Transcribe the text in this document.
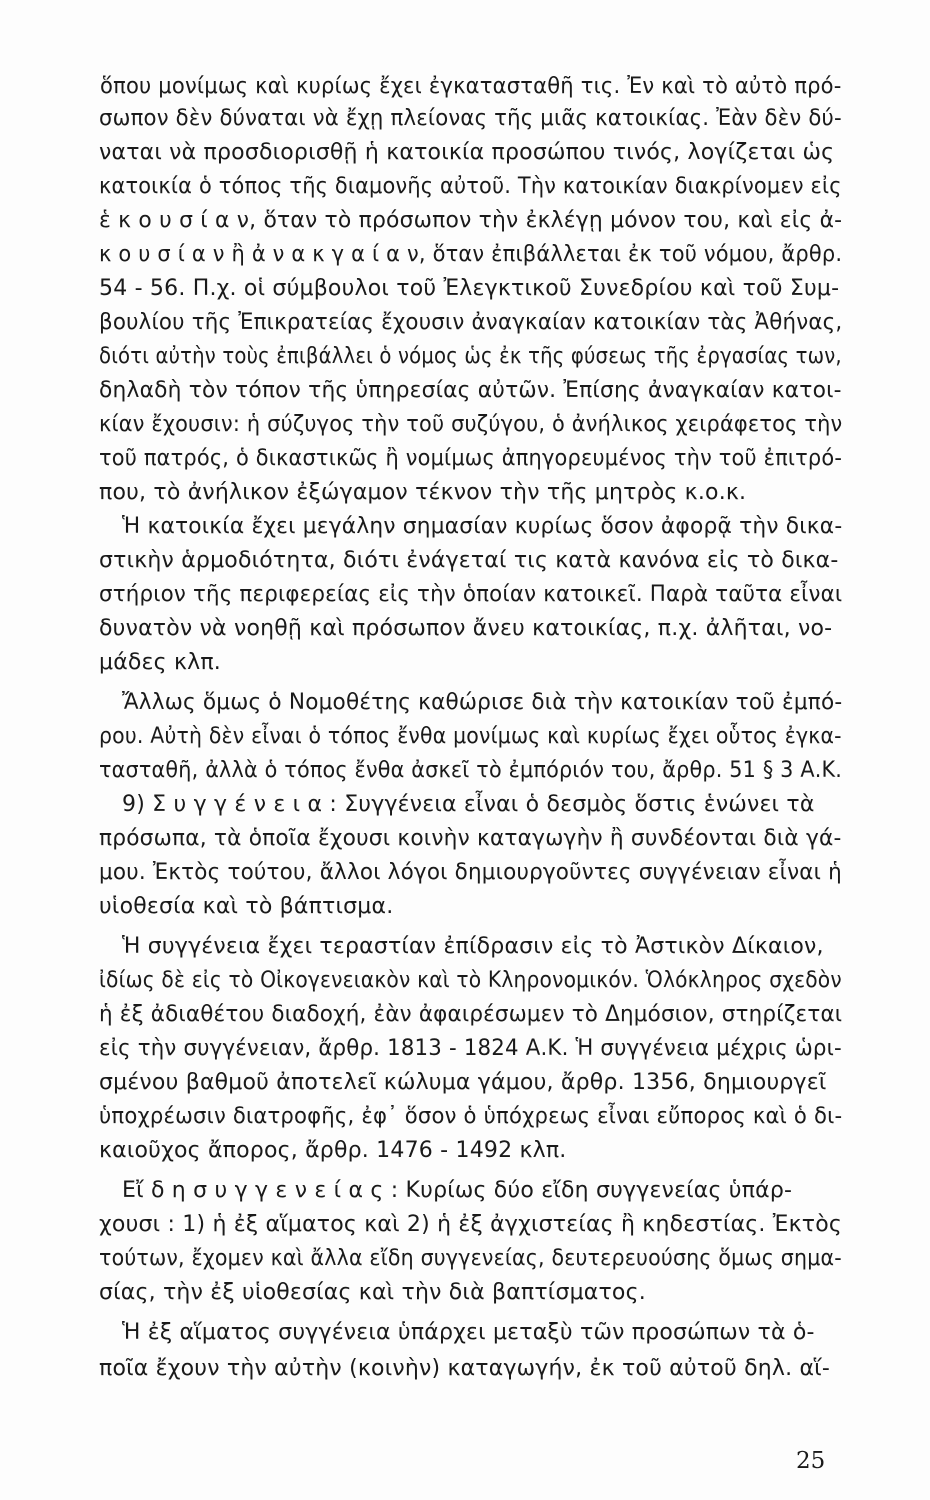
ὅπου μονίμως καὶ κυρίως ἔχει ἐγκατασταθῆ τις. Ἐν καὶ τὸ αὐτὸ πρό-
σωπον δὲν δύναται νὰ ἔχῃ πλείονας τῆς μιᾶς κατοικίας. Ἐὰν δὲν δύ-
ναται νὰ προσδιορισθῇ ἡ κατοικία προσώπου τινός, λογίζεται ὡς
κατοικία ὁ τόπος τῆς διαμονῆς αὐτοῦ. Τὴν κατοικίαν διακρίνομεν εἰς
ἑ κ ο υ σ ί α ν, ὅταν τὸ πρόσωπον τὴν ἐκλέγῃ μόνον του, καὶ εἰς ἀ-
κ ο υ σ ί α ν ἢ ἀ ν α κ γ α ί α ν, ὅταν ἐπιβάλλεται ἐκ τοῦ νόμου, ἄρθρ.
54 - 56. Π.χ. οἱ σύμβουλοι τοῦ Ἐλεγκτικοῦ Συνεδρίου καὶ τοῦ Συμ-
βουλίου τῆς Ἐπικρατείας ἔχουσιν ἀναγκαίαν κατοικίαν τὰς Ἀθήνας,
διότι αὐτὴν τοὺς ἐπιβάλλει ὁ νόμος ὡς ἐκ τῆς φύσεως τῆς ἐργασίας των,
δηλαδὴ τὸν τόπον τῆς ὑπηρεσίας αὐτῶν. Ἐπίσης ἀναγκαίαν κατοι-
κίαν ἔχουσιν: ἡ σύζυγος τὴν τοῦ συζύγου, ὁ ἀνήλικος χειράφετος τὴν
τοῦ πατρός, ὁ δικαστικῶς ἢ νομίμως ἀπηγορευμένος τὴν τοῦ ἐπιτρό-
που, τὸ ἀνήλικον ἐξώγαμον τέκνον τὴν τῆς μητρὸς κ.ο.κ.
Ἡ κατοικία ἔχει μεγάλην σημασίαν κυρίως ὅσον ἀφορᾷ τὴν δικα-
στικὴν ἁρμοδιότητα, διότι ἐνάγεταί τις κατὰ κανόνα εἰς τὸ δικα-
στήριον τῆς περιφερείας εἰς τὴν ὁποίαν κατοικεῖ. Παρὰ ταῦτα εἶναι
δυνατὸν νὰ νοηθῇ καὶ πρόσωπον ἄνευ κατοικίας, π.χ. ἀλῆται, νο-
μάδες κλπ.
Ἄλλως ὅμως ὁ Νομοθέτης καθώρισε διὰ τὴν κατοικίαν τοῦ ἐμπό-
ρου. Αὐτὴ δὲν εἶναι ὁ τόπος ἔνθα μονίμως καὶ κυρίως ἔχει οὗτος ἐγκα-
τασταθῆ, ἀλλὰ ὁ τόπος ἔνθα ἀσκεῖ τὸ ἐμπόριόν του, ἄρθρ. 51 § 3 Α.Κ.
9) Σ υ γ γ έ ν ε ι α : Συγγένεια εἶναι ὁ δεσμὸς ὅστις ἑνώνει τὰ
πρόσωπα, τὰ ὁποῖα ἔχουσι κοινὴν καταγωγὴν ἢ συνδέονται διὰ γά-
μου. Ἐκτὸς τούτου, ἄλλοι λόγοι δημιουργοῦντες συγγένειαν εἶναι ἡ
υἱοθεσία καὶ τὸ βάπτισμα.
Ἡ συγγένεια ἔχει τεραστίαν ἐπίδρασιν εἰς τὸ Ἀστικὸν Δίκαιον,
ἰδίως δὲ εἰς τὸ Οἰκογενειακὸν καὶ τὸ Κληρονομικόν. Ὁλόκληρος σχεδὸν
ἡ ἐξ ἀδιαθέτου διαδοχή, ἐὰν ἀφαιρέσωμεν τὸ Δημόσιον, στηρίζεται
εἰς τὴν συγγένειαν, ἄρθρ. 1813 - 1824 Α.Κ. Ἡ συγγένεια μέχρις ὡρι-
σμένου βαθμοῦ ἀποτελεῖ κώλυμα γάμου, ἄρθρ. 1356, δημιουργεῖ
ὑποχρέωσιν διατροφῆς, ἐφ᾿ ὅσον ὁ ὑπόχρεως εἶναι εὔπορος καὶ ὁ δι-
καιοῦχος ἄπορος, ἄρθρ. 1476 - 1492 κλπ.
Εἴ δ η σ υ γ γ ε ν ε ί α ς : Κυρίως δύο εἴδη συγγενείας ὑπάρ-
χουσι : 1) ἡ ἐξ αἵματος καὶ 2) ἡ ἐξ ἀγχιστείας ἢ κηδεστίας. Ἐκτὸς
τούτων, ἔχομεν καὶ ἄλλα εἴδη συγγενείας, δευτερευούσης ὅμως σημα-
σίας, τὴν ἐξ υἱοθεσίας καὶ τὴν διὰ βαπτίσματος.
Ἡ ἐξ αἵματος συγγένεια ὑπάρχει μεταξὺ τῶν προσώπων τὰ ὁ-
ποῖα ἔχουν τὴν αὐτὴν (κοινὴν) καταγωγήν, ἐκ τοῦ αὐτοῦ δηλ. αἵ-
25
